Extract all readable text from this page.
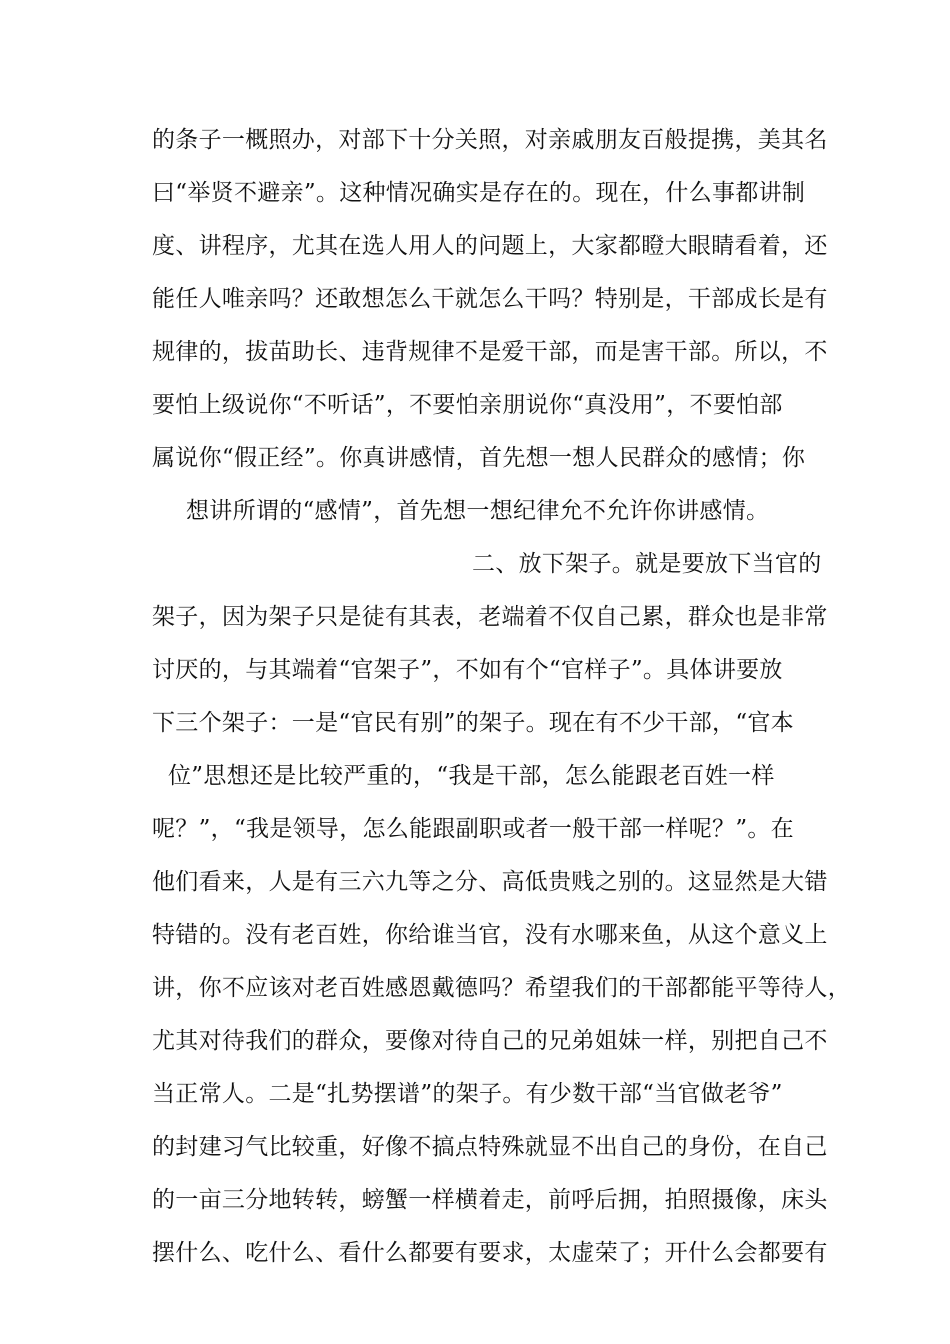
的条子一概照办，对部下十分关照，对亲戚朋友百般提携，美其名
曰“举贤不避亲”。这种情况确实是存在的。现在，什么事都讲制
度、讲程序，尤其在选人用人的问题上，大家都瞪大眼睛看着，还
能任人唯亲吗？还敢想怎么干就怎么干吗？特别是，干部成长是有
规律的，拔苗助长、违背规律不是爱干部，而是害干部。所以，不
要怕上级说你“不听话”，不要怕亲朋说你“真没用”，不要怕部
属说你“假正经”。你真讲感情，首先想一想人民群众的感情；你
想讲所谓的“感情”，首先想一想纪律允不允许你讲感情。
二、放下架子。就是要放下当官的
架子，因为架子只是徒有其表，老端着不仅自己累，群众也是非常
讨厌的，与其端着“官架子”，不如有个“官样子”。具体讲要放
下三个架子：一是“官民有别”的架子。现在有不少干部，“官本
位”思想还是比较严重的，“我是干部，怎么能跟老百姓一样
呢？”，“我是领导，怎么能跟副职或者一般干部一样呢？”。在
他们看来，人是有三六九等之分、高低贵贱之别的。这显然是大错
特错的。没有老百姓，你给谁当官，没有水哪来鱼，从这个意义上
讲，你不应该对老百姓感恩戴德吗？希望我们的干部都能平等待人，
尤其对待我们的群众，要像对待自己的兄弟姐妹一样，别把自己不
当正常人。二是“扎势摆谱”的架子。有少数干部“当官做老爷”
的封建习气比较重，好像不搞点特殊就显不出自己的身份，在自己
的一亩三分地转转，螃蟹一样横着走，前呼后拥，拍照摄像，床头
摆什么、吃什么、看什么都要有要求，太虚荣了；开什么会都要有
